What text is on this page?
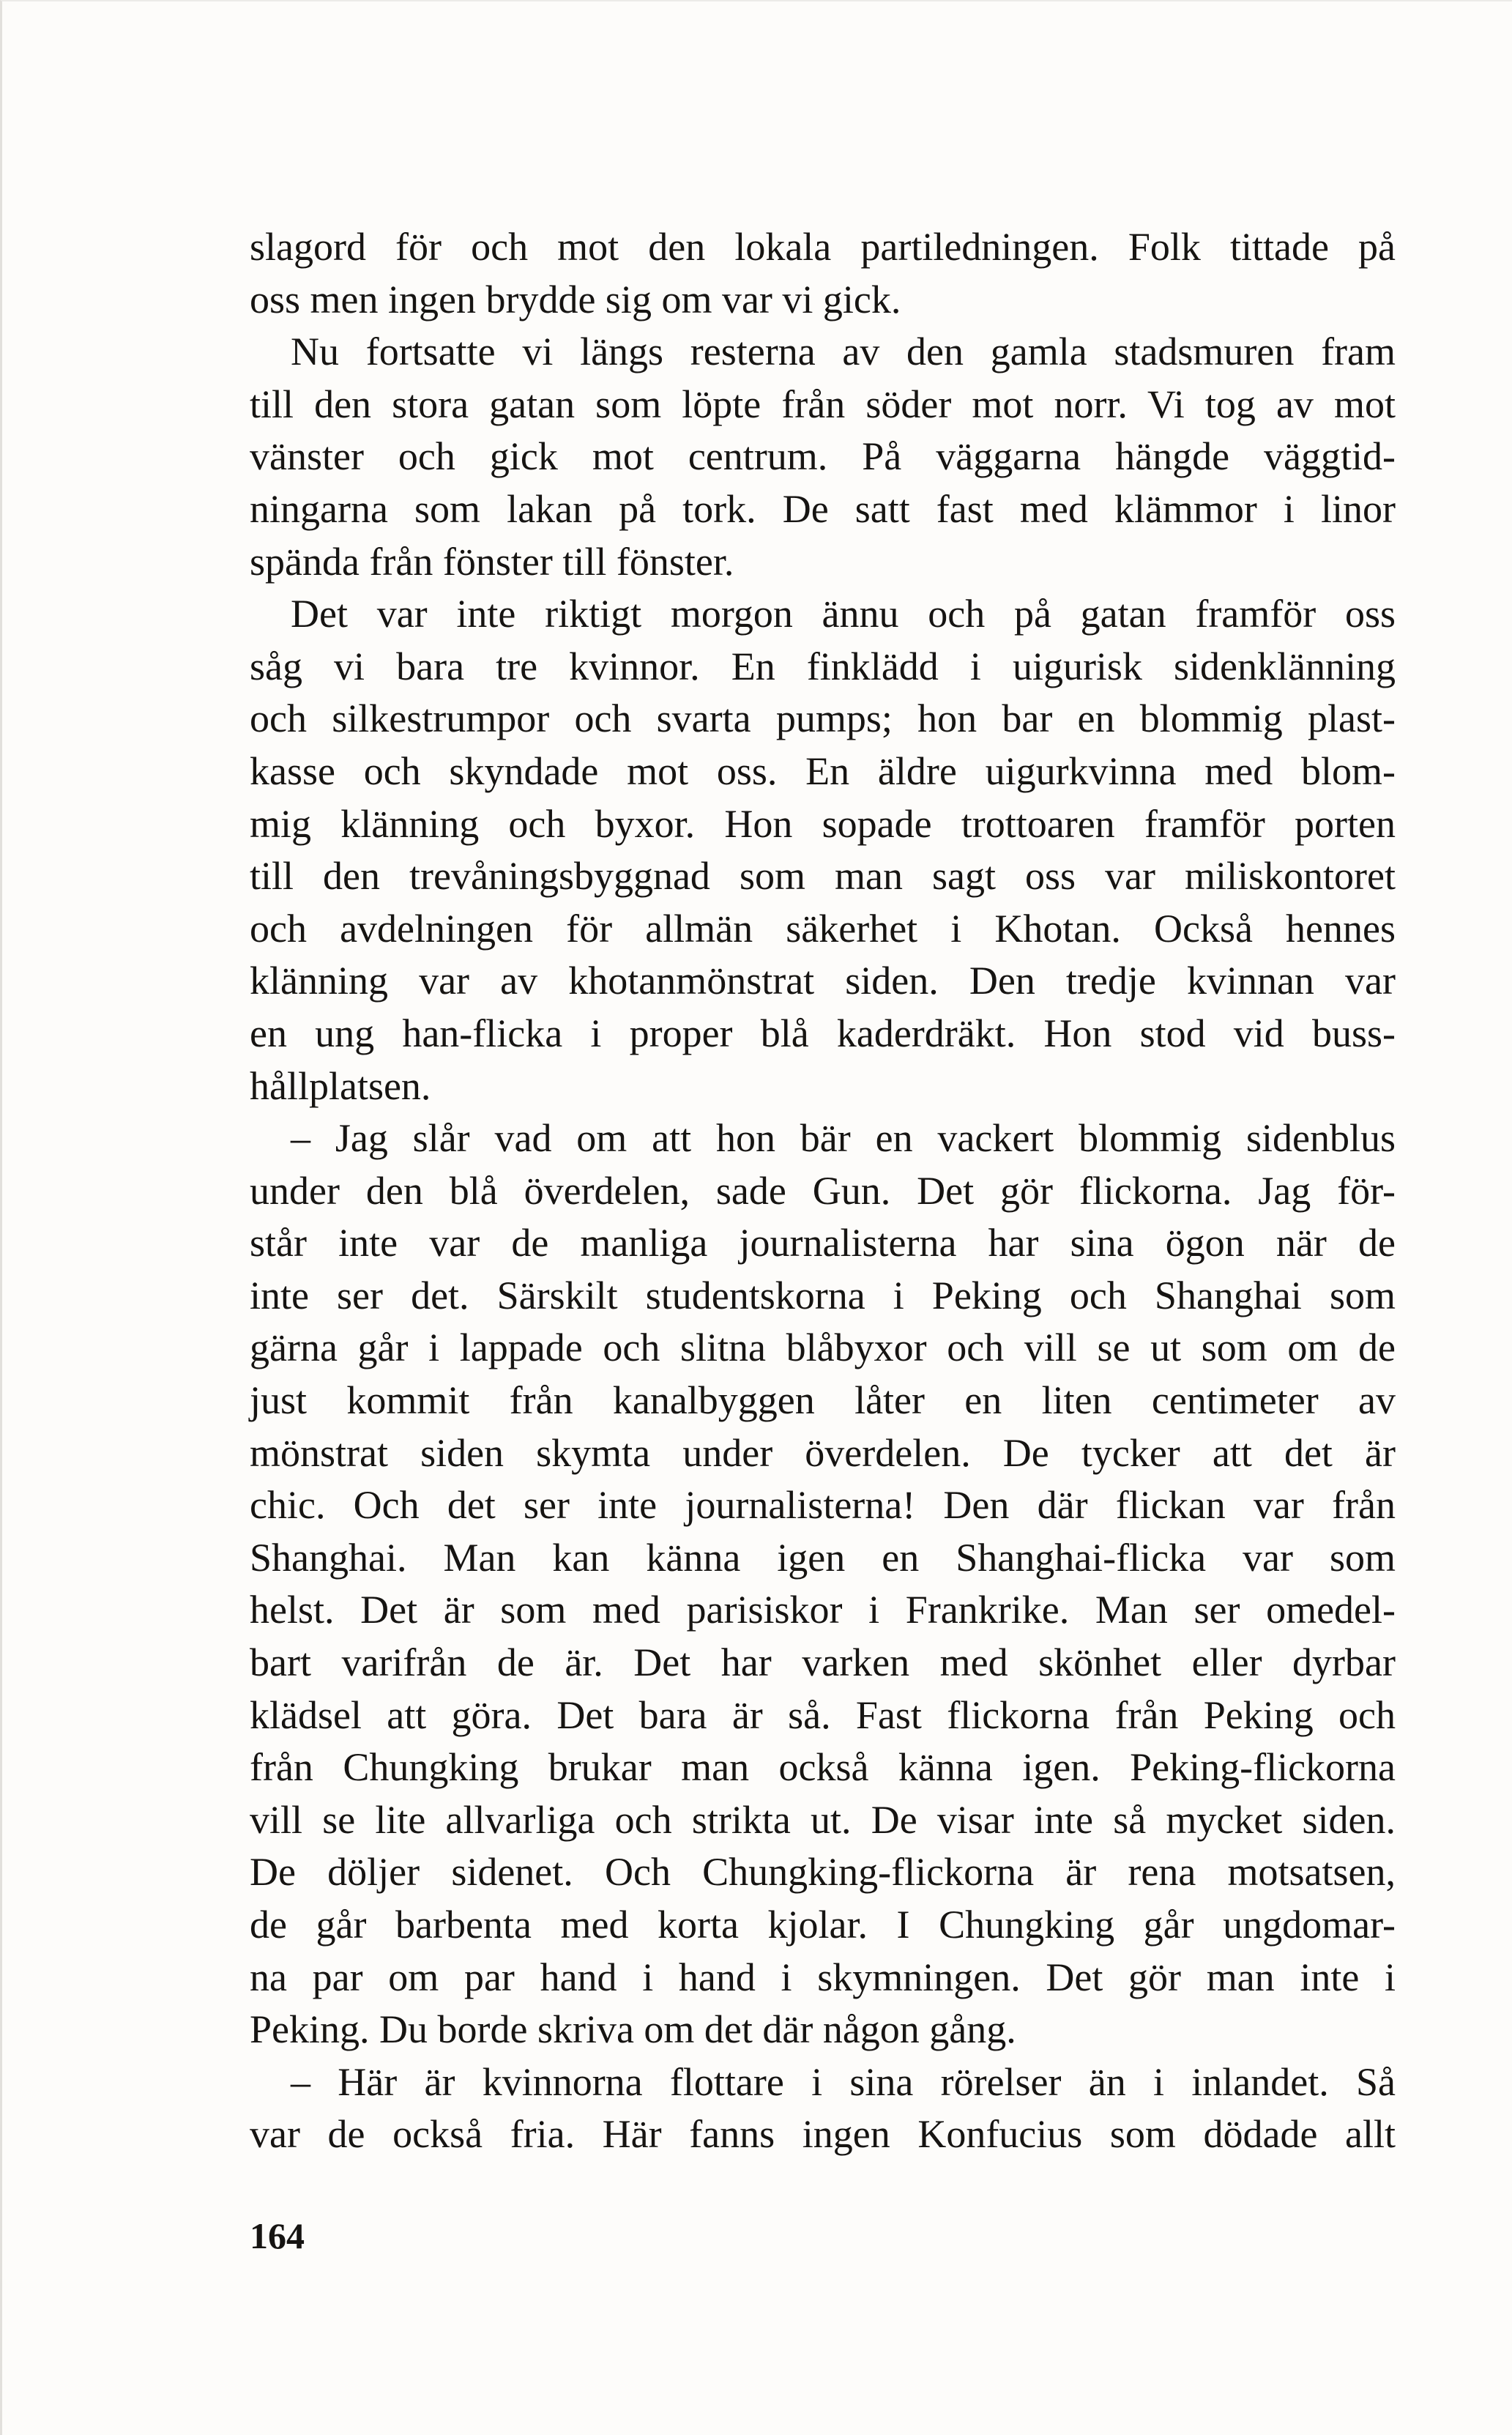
slagord för och mot den lokala partiledningen. Folk tittade på
oss men ingen brydde sig om var vi gick.

Nu fortsatte vi längs resterna av den gamla stadsmuren fram
till den stora gatan som löpte från söder mot norr. Vi tog av mot
vänster och gick mot centrum. På väggarna hängde väggtid-
ningarna som lakan på tork. De satt fast med klämmor i linor
spända från fönster till fönster.

Det var inte riktigt morgon ännu och på gatan framför oss
såg vi bara tre kvinnor. En finklädd i uigurisk sidenklänning
och silkestrumpor och svarta pumps; hon bar en blommig plast-
kasse och skyndade mot oss. En äldre uigurkvinna med blom-
mig klänning och byxor. Hon sopade trottoaren framför porten
till den trevåningsbyggnad som man sagt oss var miliskontoret
och avdelningen för allmän säkerhet i Khotan. Också hennes
klänning var av khotanmönstrat siden. Den tredje kvinnan var
en ung han-flicka i proper blå kaderdräkt. Hon stod vid buss-
hållplatsen.

– Jag slår vad om att hon bär en vackert blommig sidenblus
under den blå överdelen, sade Gun. Det gör flickorna. Jag för-
står inte var de manliga journalisterna har sina ögon när de
inte ser det. Särskilt studentskorna i Peking och Shanghai som
gärna går i lappade och slitna blåbyxor och vill se ut som om de
just kommit från kanalbyggen låter en liten centimeter av
mönstrat siden skymta under överdelen. De tycker att det är
chic. Och det ser inte journalisterna! Den där flickan var från
Shanghai. Man kan känna igen en Shanghai-flicka var som
helst. Det är som med parisiskor i Frankrike. Man ser omedel-
bart varifrån de är. Det har varken med skönhet eller dyrbar
klädsel att göra. Det bara är så. Fast flickorna från Peking och
från Chungking brukar man också känna igen. Peking-flickorna
vill se lite allvarliga och strikta ut. De visar inte så mycket siden.
De döljer sidenet. Och Chungking-flickorna är rena motsatsen,
de går barbenta med korta kjolar. I Chungking går ungdomar-
na par om par hand i hand i skymningen. Det gör man inte i
Peking. Du borde skriva om det där någon gång.

– Här är kvinnorna flottare i sina rörelser än i inlandet. Så
var de också fria. Här fanns ingen Konfucius som dödade allt

164
